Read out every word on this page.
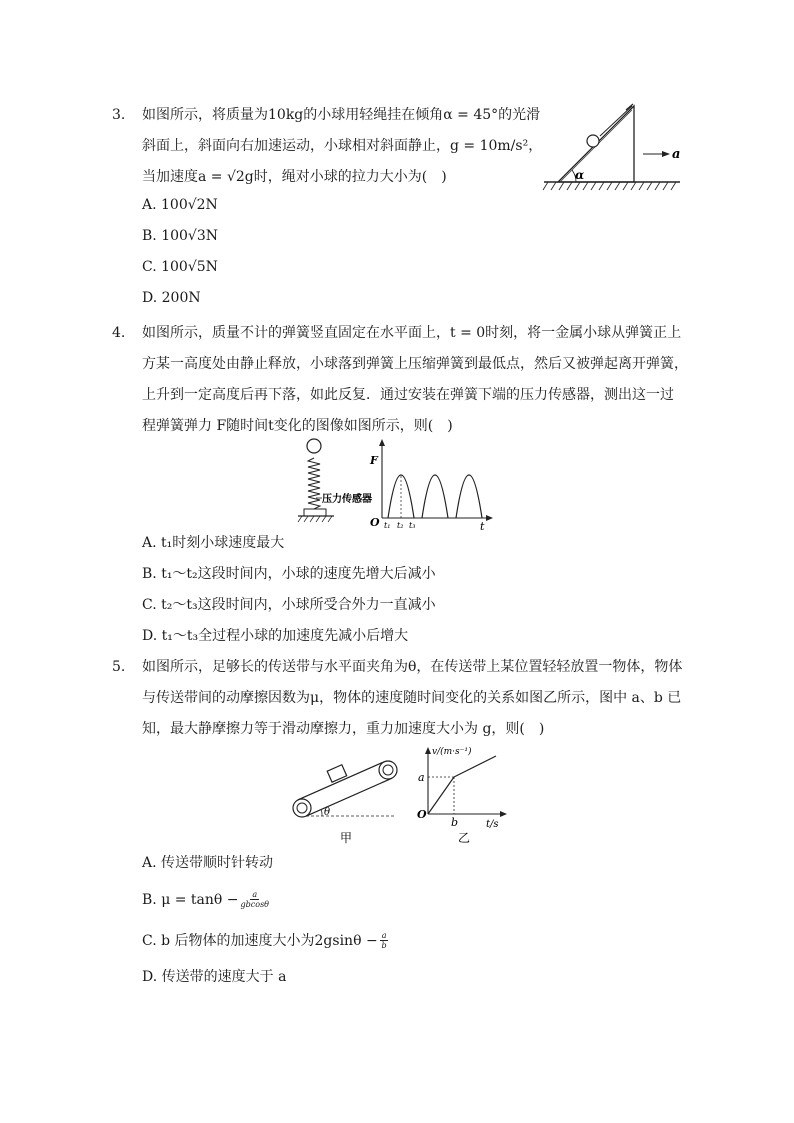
3.	如图所示，将质量为10kg的小球用轻绳挂在倾角α = 45°的光滑
斜面上，斜面向右加速运动，小球相对斜面静止，g = 10m/s²，
当加速度a = √2g时，绳对小球的拉力大小为(　)	α
a
A. 100√2N
B. 100√3N
C. 100√5N
D. 200N
4.	如图所示，质量不计的弹簧竖直固定在水平面上，t = 0时刻，将一金属小球从弹簧正上
方某一高度处由静止释放，小球落到弹簧上压缩弹簧到最低点，然后又被弹起离开弹簧，
上升到一定高度后再下落，如此反复．通过安装在弹簧下端的压力传感器，测出这一过
程弹簧弹力 F随时间t变化的图像如图所示，则(　)
压力传感器
F
t
O t₁ t₂ t₃
A. t₁时刻小球速度最大
B. t₁～t₂这段时间内，小球的速度先增大后减小
C. t₂～t₃这段时间内，小球所受合外力一直减小
D. t₁～t₃全过程小球的加速度先减小后增大
5.	如图所示，足够长的传送带与水平面夹角为θ，在传送带上某位置轻轻放置一物体，物体
与传送带间的动摩擦因数为μ，物体的速度随时间变化的关系如图乙所示，图中 a、b 已
知，最大静摩擦力等于滑动摩擦力，重力加速度大小为 g，则(　)
θ
甲
v/(m·s⁻¹)
t/s
O
a
b
乙
A. 传送带顺时针转动
B. $\mu = \tan\theta - \frac{a}{gbcos\theta}$
C. b 后物体的加速度大小为$2gsin\theta - \frac{a}{b}$
D. 传送带的速度大于 a
